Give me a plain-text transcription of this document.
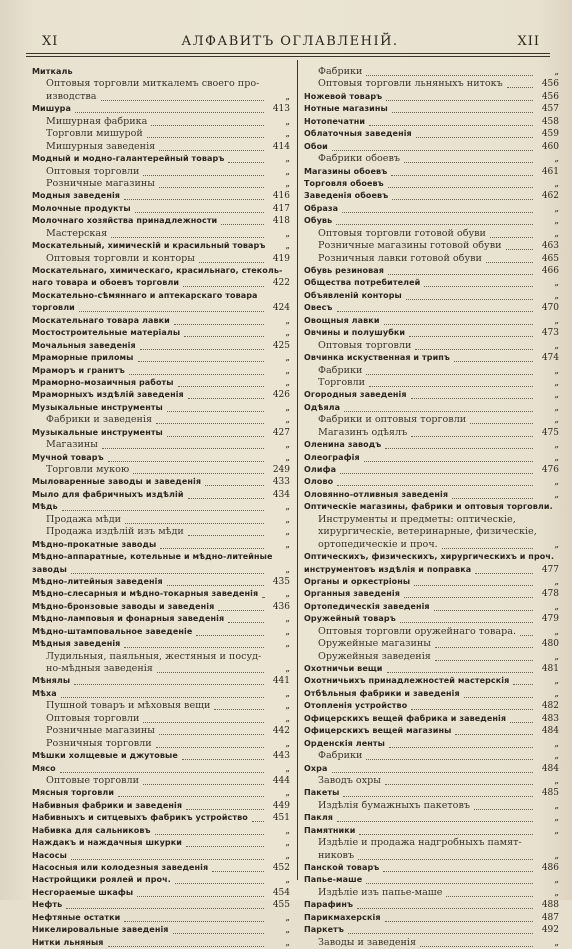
XI	АЛФАВИТЪ ОГЛАВЛЕНІЙ.	XII
Миткаль
Оптовыя торговли миткалемъ своего про-
изводства	„
Мишура	413
Мишурная фабрика	„
Торговли мишурой	„
Мишурныя заведенія	414
Модный и модно-галантерейный товаръ	„
Оптовыя торговли	„
Розничные магазины	„
Модныя заведенія	416
Молочные продукты	417
Молочнаго хозяйства принадлежности	418
Мастерская	„
Москательный, химическій и красильный товаръ „
Оптовыя торговли и конторы	419
Москательнаго, химическаго, красильнаго, стеколь-
наго товара и обоевъ торговли	422
Москательно-сѣмяннаго и аптекарскаго товара
торговли	424
Москательнаго товара лавки	„
Мостостроительные матеріалы	„
Мочальныя заведенія	425
Мраморные приломы	„
Мраморъ и гранитъ	„
Мраморно-мозаичныя работы	„
Мраморныхъ издѣлій заведенія	426
Музыкальные инструменты	„
Фабрики и заведенія	„
Музыкальные инструменты	427
Магазины	„
Мучной товаръ	„
Торговли мукою	249
Мыловаренные заводы и заведенія	433
Мыло для фабричныхъ издѣлій	434
Мѣдь	„
Продажа мѣди	„
Продажа издѣлій изъ мѣди	„
Мѣдно-прокатные заводы	„
Мѣдно-аппаратные, котельные и мѣдно-литейные
заводы	„
Мѣдно-литейныя заведенія	435
Мѣдно-слесарныя и мѣдно-токарныя заведенія	„
Мѣдно-бронзовые заводы и заведенія	436
Мѣдно-ламповыя и фонарныя заведенія	„
Мѣдно-штамповальное заведеніе	„
Мѣдныя заведенія	„
Лудильныя, паяльныя, жестяныя и посуд-
но-мѣдныя заведенія	„
Мѣнялы	441
Мѣха	„
Пушной товаръ и мѣховыя вещи	„
Оптовыя торговли	„
Розничные магазины	442
Розничныя торговли	„
Мѣшки холщевые и джутовые	443
Мясо	„
Оптовые торговли	444
Мясныя торговли	„
Набивныя фабрики и заведенія	449
Набивныхъ и ситцевыхъ фабрикъ устройство	451
Набивка для сальниковъ	„
Наждакъ и наждачныя шкурки	„
Насосы	„
Насосныя или колодезныя заведенія	452
Настройщики роялей и проч.	„
Несгораемые шкафы	454
Нефть	455
Нефтяные остатки	„
Никелировальные заведенія	„
Нитки льняныя	„
Фабрики	„
Оптовыя торговли льняныхъ нитокъ	456
Ножевой товаръ	456
Нотные магазины	457
Нотопечатни	458
Облаточныя заведенія	459
Обои	460
Фабрики обоевъ	„
Магазины обоевъ	461
Торговля обоевъ	„
Заведенія обоевъ	462
Образа	„
Обувь	„
Оптовыя торговли готовой обуви	„
Розничные магазины готовой обуви	463
Розничныя лавки готовой обуви	465
Обувь резиновая	466
Общества потребителей	„
Объявленій конторы	„
Овесъ	470
Овощныя лавки	„
Овчины и полушубки	473
Оптовыя торговли	„
Овчинка искуственная и трипъ	474
Фабрики	„
Торговли	„
Огородныя заведенія	„
Одѣяла	„
Фабрики и оптовыя торговли	„
Магазинъ одѣялъ	475
Оленина заводъ	„
Олеографія	„
Олифа	476
Олово	„
Оловянно-отливныя заведенія	„
Оптическіе магазины, фабрики и оптовыя торговли.
Инструменты и предметы: оптическіе,
хирургическіе, ветеринарные, физическіе,
ортопедическіе и проч.	„
Оптическихъ, физическихъ, хирургическихъ и проч.
инструментовъ издѣлія и поправка	477
Органы и оркестріоны	„
Органныя заведенія	478
Ортопедическія заведенія	„
Оружейный товаръ	479
Оптовыя торговли оружейнаго товара.	„
Оружейные магазины	480
Оружейныя заведенія	„
Охотничьи вещи	481
Охотничьихъ принадлежностей мастерскія	„
Отбѣльныя фабрики и заведенія	„
Отопленія устройство	482
Офицерскихъ вещей фабрика и заведенія	483
Офицерскихъ вещей магазины	484
Орденскія ленты	„
Фабрики	„
Охра	484
Заводъ охры	„
Пакеты	485
Издѣлія бумажныхъ пакетовъ	„
Пакля	„
Памятники	„
Издѣліе и продажа надгробныхъ памят-
никовъ	„
Панской товаръ	486
Папье-маше	„
Издѣліе изъ папье-маше	„
Парафинъ	488
Парикмахерскія	487
Паркетъ	492
Заводы и заведенія	„
